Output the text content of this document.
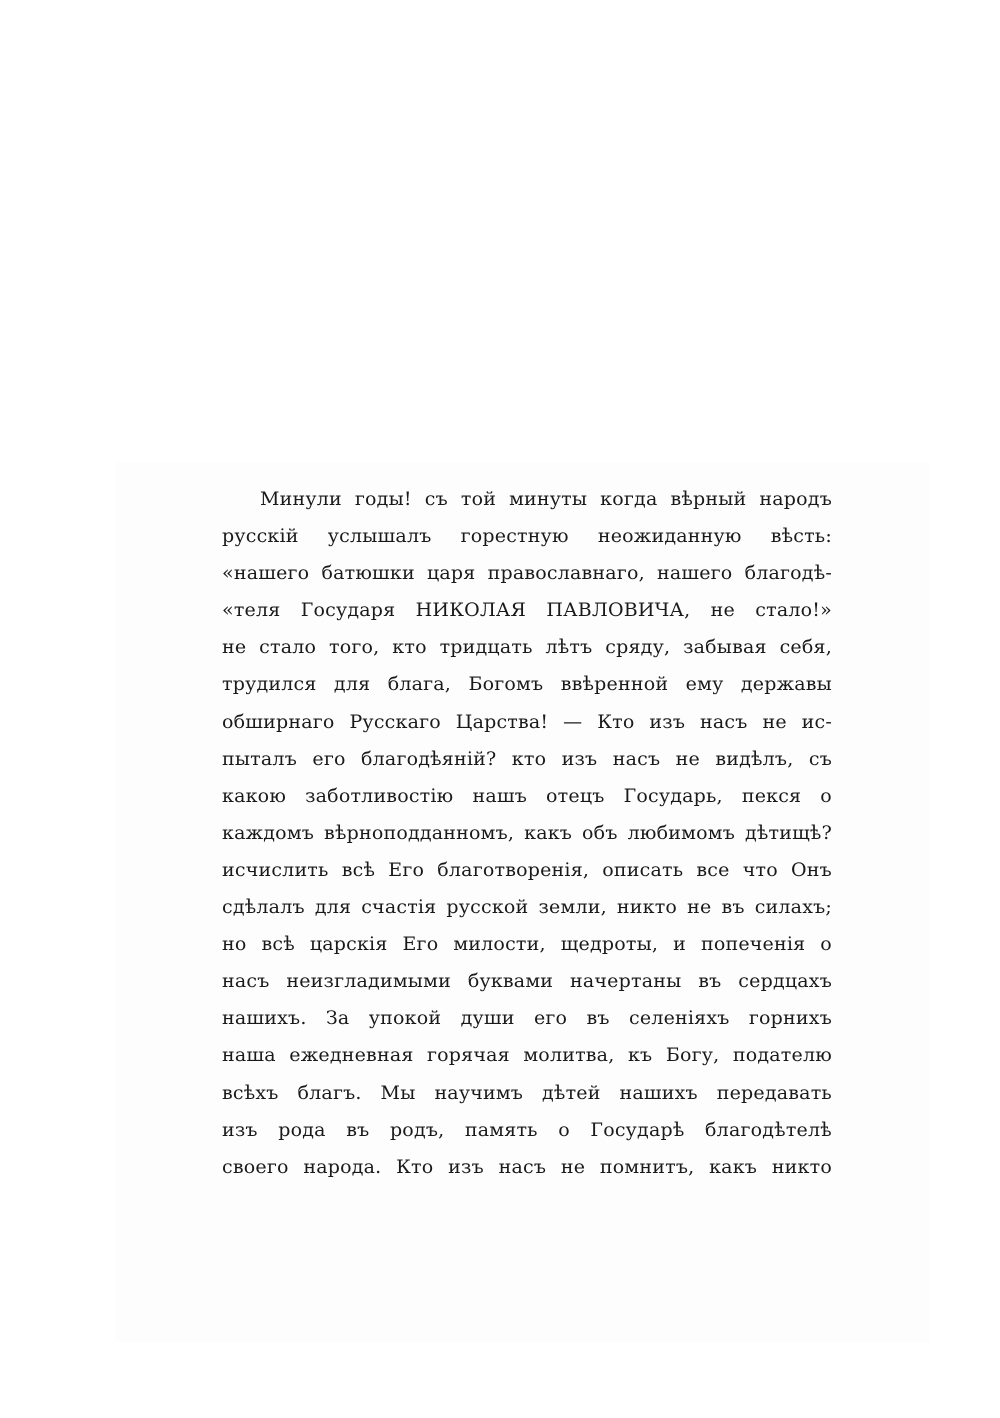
Минули годы! съ той минуты когда вѣрный народъ
русскій услышалъ горестную неожиданную вѣсть:
«нашего батюшки царя православнаго, нашего благодѣ-
«теля Государя НИКОЛАЯ ПАВЛОВИЧА, не стало!»
не стало того, кто тридцать лѣтъ сряду, забывая себя,
трудился для блага, Богомъ ввѣренной ему державы
обширнаго Русскаго Царства! — Кто изъ насъ не ис-
пыталъ его благодѣяній? кто изъ насъ не видѣлъ, съ
какою заботливостію нашъ отецъ Государь, пекся о
каждомъ вѣрноподданномъ, какъ объ любимомъ дѣтищѣ?
исчислить всѣ Его благотворенія, описать все что Онъ
сдѣлалъ для счастія русской земли, никто не въ силахъ;
но всѣ царскія Его милости, щедроты, и попеченія о
насъ неизгладимыми буквами начертаны въ сердцахъ
нашихъ. За упокой души его въ селеніяхъ горнихъ
наша ежедневная горячая молитва, къ Богу, подателю
всѣхъ благъ. Мы научимъ дѣтей нашихъ передавать
изъ рода въ родъ, память о Государѣ благодѣтелѣ
своего народа. Кто изъ насъ не помнитъ, какъ никто
